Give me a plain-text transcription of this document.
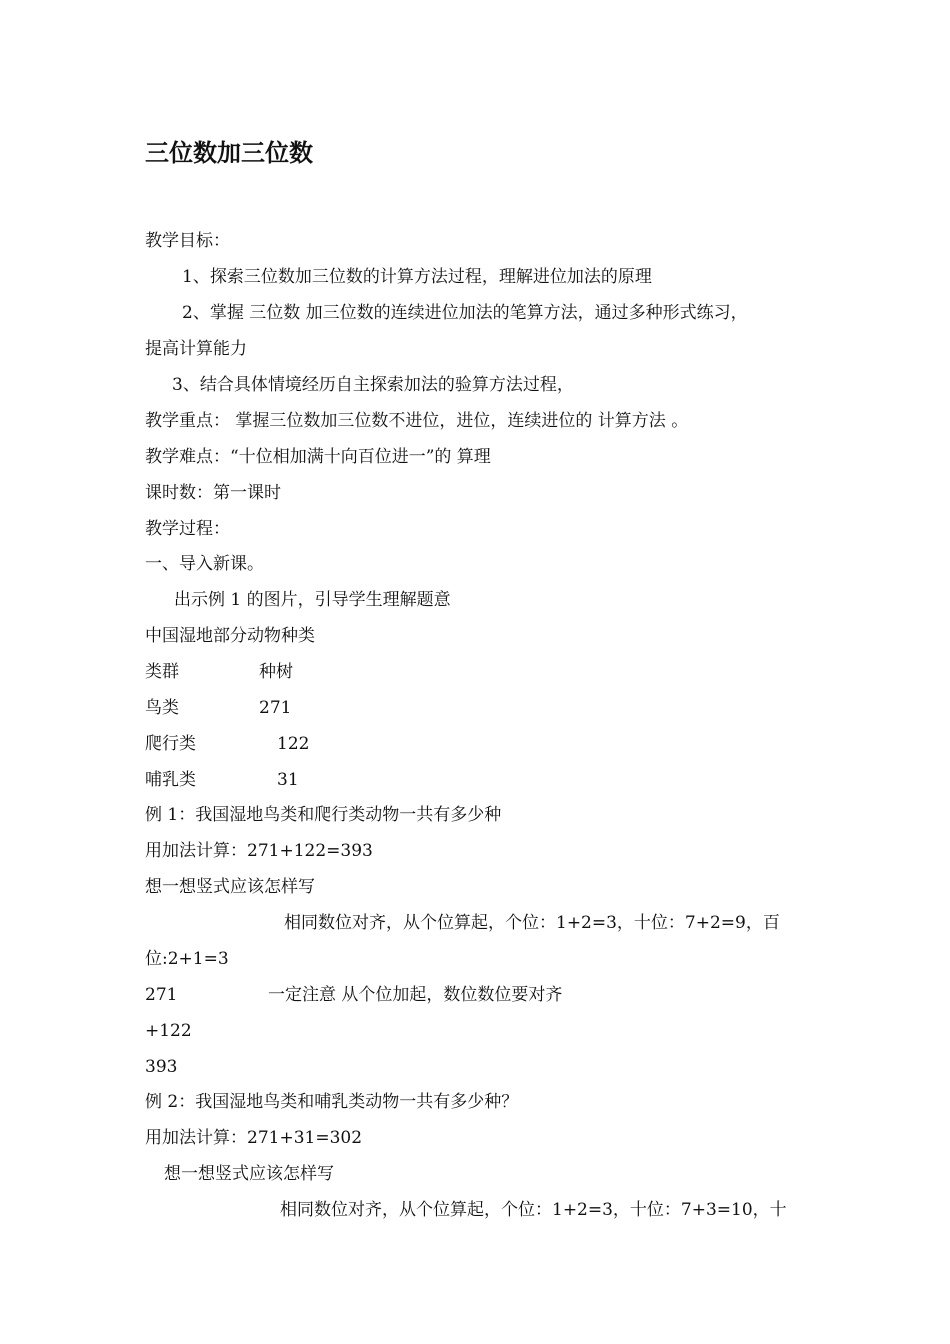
三位数加三位数

教学目标：

1、探索三位数加三位数的计算方法过程，理解进位加法的原理

2、掌握 三位数 加三位数的连续进位加法的笔算方法，通过多种形式练习，

提高计算能力

3、结合具体情境经历自主探索加法的验算方法过程，

教学重点： 掌握三位数加三位数不进位，进位，连续进位的 计算方法 。

教学难点：“十位相加满十向百位进一”的 算理

课时数：第一课时

教学过程：

一、导入新课。

出示例 1 的图片，引导学生理解题意

中国湿地部分动物种类

类群	种树
鸟类	271
爬行类	122
哺乳类	31

例 1：我国湿地鸟类和爬行类动物一共有多少种

用加法计算：271+122=393

想一想竖式应该怎样写

相同数位对齐，从个位算起，个位：1+2=3，十位：7+2=9，百

位:2+1=3

271	一定注意 从个位加起，数位数位要对齐

+122

393

例 2：我国湿地鸟类和哺乳类动物一共有多少种？

用加法计算：271+31=302

想一想竖式应该怎样写

相同数位对齐，从个位算起，个位：1+2=3，十位：7+3=10，十
